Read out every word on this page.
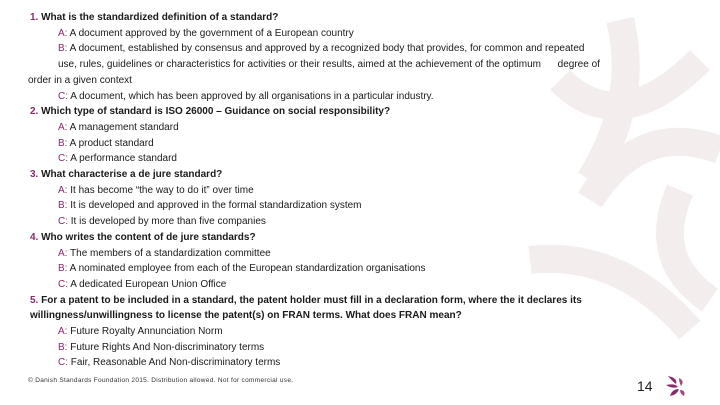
1. What is the standardized definition of a standard?
A: A document approved by the government of a European country
B: A document, established by consensus and approved by a recognized body that provides, for common and repeated
use, rules, guidelines or characteristics for activities or their results, aimed at the achievement of the optimum      degree of
order in a given context
C: A document, which has been approved by all organisations in a particular industry.
2. Which type of standard is ISO 26000 – Guidance on social responsibility?
A: A management standard
B: A product standard
C: A performance standard
3. What characterise a de jure standard?
A: It has become “the way to do it” over time
B: It is developed and approved in the formal standardization system
C: It is developed by more than five companies
4. Who writes the content of de jure standards?
A: The members of a standardization committee
B: A nominated employee from each of the European standardization organisations
C: A dedicated European Union Office
5. For a patent to be included in a standard, the patent holder must fill in a declaration form, where the it declares its
willingness/unwillingness to license the patent(s) on FRAN terms. What does FRAN mean?
A: Future Royalty Annunciation Norm
B: Future Rights And Non-discriminatory terms
C: Fair, Reasonable And Non-discriminatory terms
© Danish Standards Foundation 2015. Distribution allowed. Not for commercial use.	14
